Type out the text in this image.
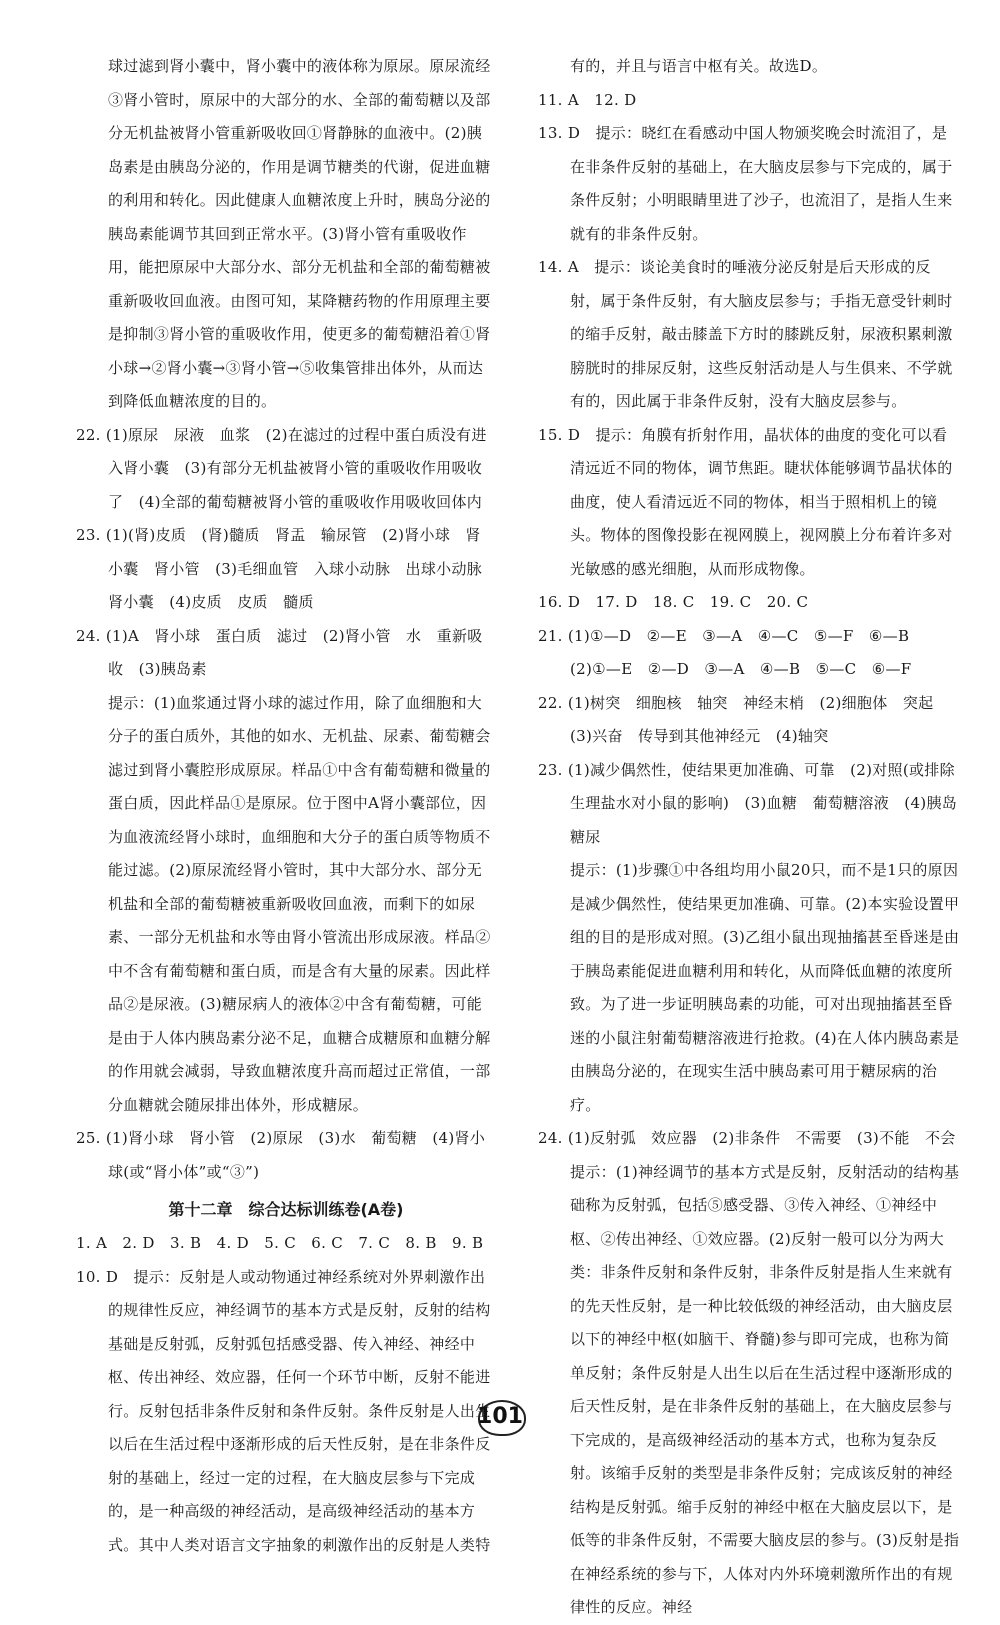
球过滤到肾小囊中，肾小囊中的液体称为原尿。原尿流经③肾小管时，原尿中的大部分的水、全部的葡萄糖以及部分无机盐被肾小管重新吸收回①肾静脉的血液中。(2)胰岛素是由胰岛分泌的，作用是调节糖类的代谢，促进血糖的利用和转化。因此健康人血糖浓度上升时，胰岛分泌的胰岛素能调节其回到正常水平。(3)肾小管有重吸收作用，能把原尿中大部分水、部分无机盐和全部的葡萄糖被重新吸收回血液。由图可知，某降糖药物的作用原理主要是抑制③肾小管的重吸收作用，使更多的葡萄糖沿着①肾小球→②肾小囊→③肾小管→⑤收集管排出体外，从而达到降低血糖浓度的目的。

22. (1)原尿　尿液　血浆　(2)在滤过的过程中蛋白质没有进入肾小囊　(3)有部分无机盐被肾小管的重吸收作用吸收了　(4)全部的葡萄糖被肾小管的重吸收作用吸收回体内

23. (1)(肾)皮质　(肾)髓质　肾盂　输尿管　(2)肾小球　肾小囊　肾小管　(3)毛细血管　入球小动脉　出球小动脉　肾小囊　(4)皮质　皮质　髓质

24. (1)A　肾小球　蛋白质　滤过　(2)肾小管　水　重新吸收　(3)胰岛素

提示：(1)血浆通过肾小球的滤过作用，除了血细胞和大分子的蛋白质外，其他的如水、无机盐、尿素、葡萄糖会滤过到肾小囊腔形成原尿。样品①中含有葡萄糖和微量的蛋白质，因此样品①是原尿。位于图中A肾小囊部位，因为血液流经肾小球时，血细胞和大分子的蛋白质等物质不能过滤。(2)原尿流经肾小管时，其中大部分水、部分无机盐和全部的葡萄糖被重新吸收回血液，而剩下的如尿素、一部分无机盐和水等由肾小管流出形成尿液。样品②中不含有葡萄糖和蛋白质，而是含有大量的尿素。因此样品②是尿液。(3)糖尿病人的液体②中含有葡萄糖，可能是由于人体内胰岛素分泌不足，血糖合成糖原和血糖分解的作用就会减弱，导致血糖浓度升高而超过正常值，一部分血糖就会随尿排出体外，形成糖尿。

25. (1)肾小球　肾小管　(2)原尿　(3)水　葡萄糖　(4)肾小球(或“肾小体”或“③”)

第十二章　综合达标训练卷(A卷)

1. A　2. D　3. B　4. D　5. C　6. C　7. C　8. B　9. B

10. D　提示：反射是人或动物通过神经系统对外界刺激作出的规律性反应，神经调节的基本方式是反射，反射的结构基础是反射弧，反射弧包括感受器、传入神经、神经中枢、传出神经、效应器，任何一个环节中断，反射不能进行。反射包括非条件反射和条件反射。条件反射是人出生以后在生活过程中逐渐形成的后天性反射，是在非条件反射的基础上，经过一定的过程，在大脑皮层参与下完成的，是一种高级的神经活动，是高级神经活动的基本方式。其中人类对语言文字抽象的刺激作出的反射是人类特

有的，并且与语言中枢有关。故选D。

11. A　12. D

13. D　提示：晓红在看感动中国人物颁奖晚会时流泪了，是在非条件反射的基础上，在大脑皮层参与下完成的，属于条件反射；小明眼睛里进了沙子，也流泪了，是指人生来就有的非条件反射。

14. A　提示：谈论美食时的唾液分泌反射是后天形成的反射，属于条件反射，有大脑皮层参与；手指无意受针刺时的缩手反射，敲击膝盖下方时的膝跳反射，尿液积累刺激膀胱时的排尿反射，这些反射活动是人与生俱来、不学就有的，因此属于非条件反射，没有大脑皮层参与。

15. D　提示：角膜有折射作用，晶状体的曲度的变化可以看清远近不同的物体，调节焦距。睫状体能够调节晶状体的曲度，使人看清远近不同的物体，相当于照相机上的镜头。物体的图像投影在视网膜上，视网膜上分布着许多对光敏感的感光细胞，从而形成物像。

16. D　17. D　18. C　19. C　20. C

21. (1)①—D　②—E　③—A　④—C　⑤—F　⑥—B

(2)①—E　②—D　③—A　④—B　⑤—C　⑥—F

22. (1)树突　细胞核　轴突　神经末梢　(2)细胞体　突起　(3)兴奋　传导到其他神经元　(4)轴突

23. (1)减少偶然性，使结果更加准确、可靠　(2)对照(或排除生理盐水对小鼠的影响)　(3)血糖　葡萄糖溶液　(4)胰岛　糖尿

提示：(1)步骤①中各组均用小鼠20只，而不是1只的原因是减少偶然性，使结果更加准确、可靠。(2)本实验设置甲组的目的是形成对照。(3)乙组小鼠出现抽搐甚至昏迷是由于胰岛素能促进血糖利用和转化，从而降低血糖的浓度所致。为了进一步证明胰岛素的功能，可对出现抽搐甚至昏迷的小鼠注射葡萄糖溶液进行抢救。(4)在人体内胰岛素是由胰岛分泌的，在现实生活中胰岛素可用于糖尿病的治疗。

24. (1)反射弧　效应器　(2)非条件　不需要　(3)不能　不会

提示：(1)神经调节的基本方式是反射，反射活动的结构基础称为反射弧，包括⑤感受器、③传入神经、①神经中枢、②传出神经、①效应器。(2)反射一般可以分为两大类：非条件反射和条件反射，非条件反射是指人生来就有的先天性反射，是一种比较低级的神经活动，由大脑皮层以下的神经中枢(如脑干、脊髓)参与即可完成，也称为简单反射；条件反射是人出生以后在生活过程中逐渐形成的后天性反射，是在非条件反射的基础上，在大脑皮层参与下完成的，是高级神经活动的基本方式，也称为复杂反射。该缩手反射的类型是非条件反射；完成该反射的神经结构是反射弧。缩手反射的神经中枢在大脑皮层以下，是低等的非条件反射，不需要大脑皮层的参与。(3)反射是指在神经系统的参与下，人体对内外环境刺激所作出的有规律性的反应。神经

101
